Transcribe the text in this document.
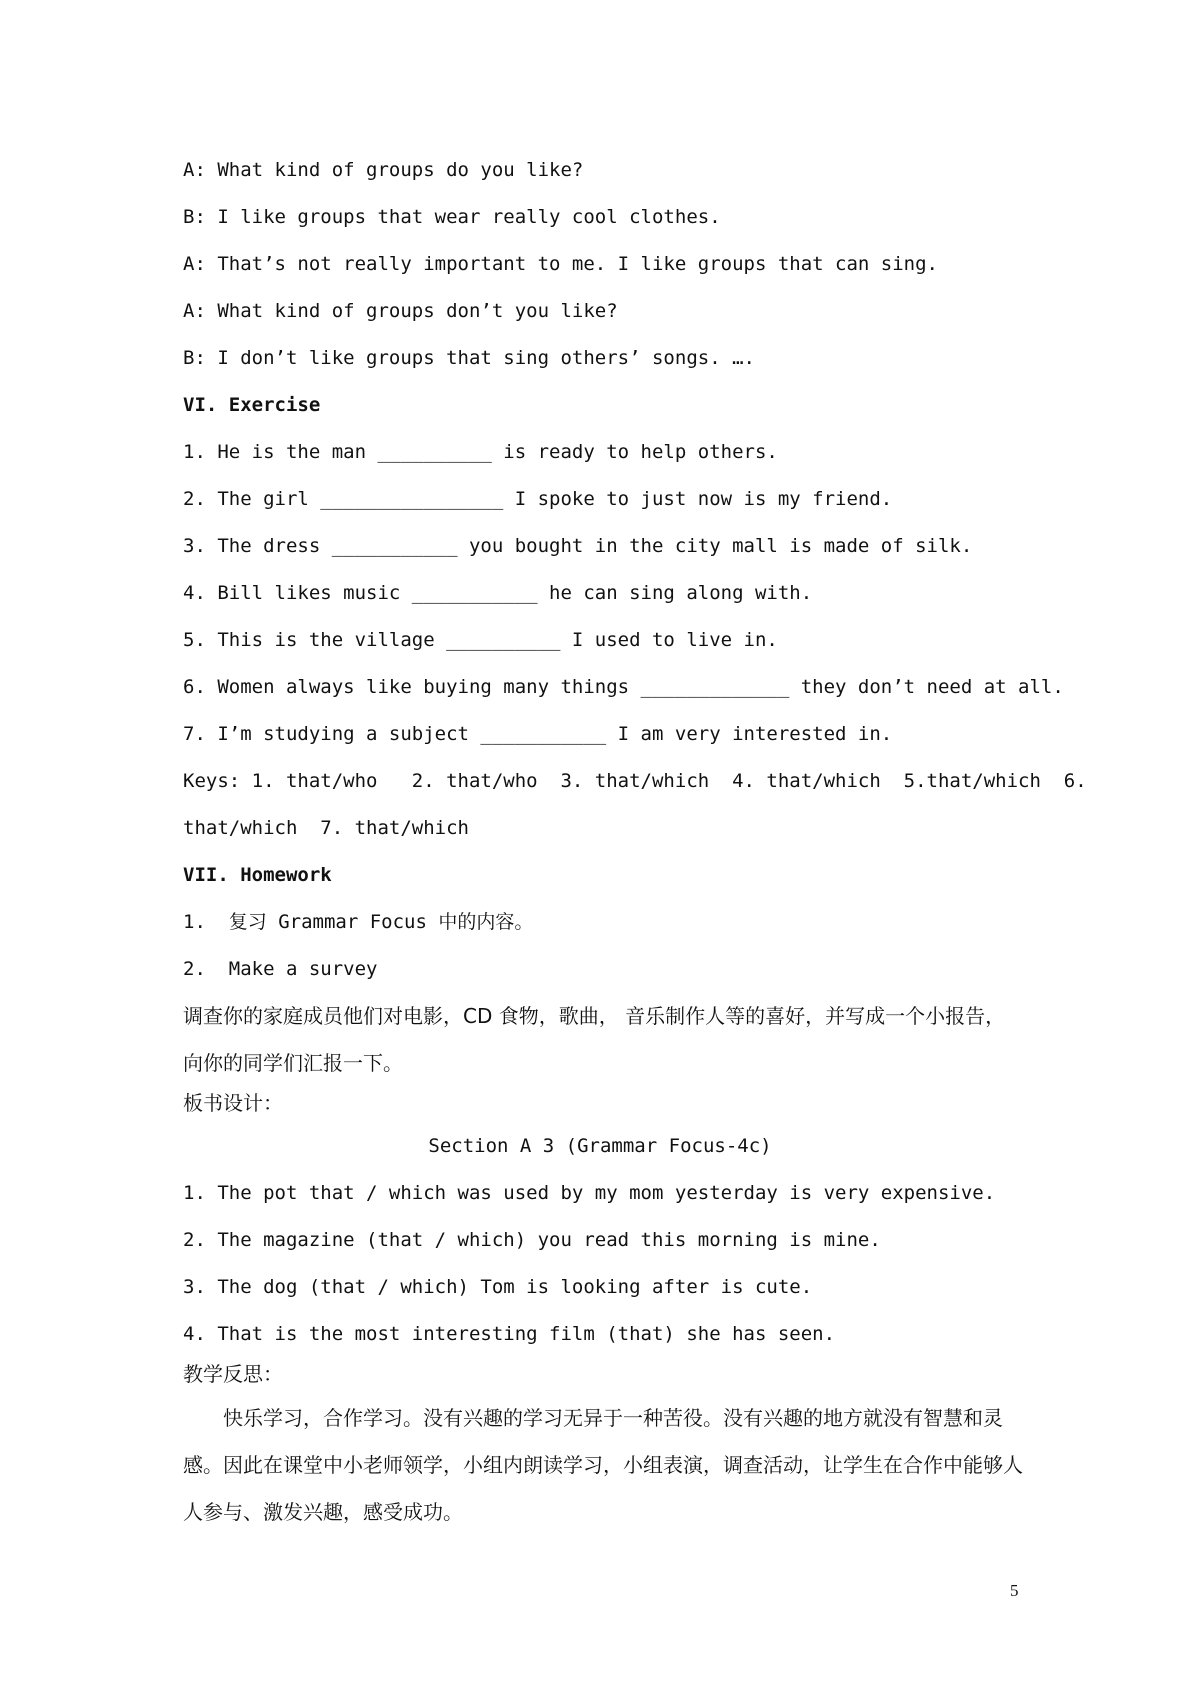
A: What kind of groups do you like?
B: I like groups that wear really cool clothes.
A: That’s not really important to me. I like groups that can sing.
A: What kind of groups don’t you like?
B: I don’t like groups that sing others’ songs. ….
VI. Exercise
1. He is the man __________ is ready to help others.
2. The girl ________________ I spoke to just now is my friend.
3. The dress ___________ you bought in the city mall is made of silk.
4. Bill likes music ___________ he can sing along with.
5. This is the village __________ I used to live in.
6. Women always like buying many things _____________ they don’t need at all.
7. I’m studying a subject ___________ I am very interested in.
Keys: 1. that/who   2. that/who  3. that/which  4. that/which  5.that/which  6.
that/which  7. that/which
VII. Homework
1.  复习 Grammar Focus 中的内容。
2.  Make a survey
调查你的家庭成员他们对电影，CD 食物，歌曲， 音乐制作人等的喜好，并写成一个小报告，
向你的同学们汇报一下。
板书设计：
Section A 3 (Grammar Focus-4c)
1. The pot that / which was used by my mom yesterday is very expensive.
2. The magazine (that / which) you read this morning is mine.
3. The dog (that / which) Tom is looking after is cute.
4. That is the most interesting film (that) she has seen.
教学反思：
快乐学习，合作学习。没有兴趣的学习无异于一种苦役。没有兴趣的地方就没有智慧和灵感。因此在课堂中小老师领学，小组内朗读学习，小组表演，调查活动，让学生在合作中能够人人参与、激发兴趣，感受成功。
5
